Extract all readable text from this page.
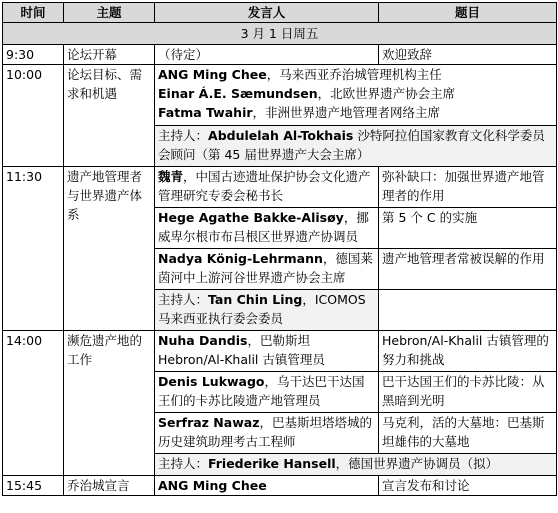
时间	主题	发言人	题目
3 月 1 日周五			
9:30	论坛开幕	（待定）	欢迎致辞
10:00	论坛目标、需求和机遇	ANG Ming Chee，马来西亚乔治城管理机构主任
Einar Á.E. Sæmundsen，北欧世界遗产协会主席
Fatma Twahir，非洲世界遗产地管理者网络主席	

		主持人：Abdulelah Al-Tokhais 沙特阿拉伯国家教育文化科学委员会顾问（第 45 届世界遗产大会主席）	
11:30	遗产地管理者与世界遗产体系	魏青，中国古迹遗址保护协会文化遗产管理研究专委会秘书长	弥补缺口：加强世界遗产地管理者的作用
		Hege Agathe Bakke-Alisøy，挪威卑尔根市布吕根区世界遗产协调员	第 5 个 C 的实施
		Nadya König-Lehrmann，德国莱茵河中上游河谷世界遗产协会主席	遗产地管理者常被误解的作用
		主持人：Tan Chin Ling，ICOMOS 马来西亚执行委会委员	
14:00	濒危遗产地的工作	Nuha Dandis，巴勒斯坦 Hebron/Al-Khalil 古镇管理员	Hebron/Al-Khalil 古镇管理的努力和挑战
		Denis Lukwago，乌干达巴干达国王们的卡苏比陵遗产地管理员	巴干达国王们的卡苏比陵：从黑暗到光明
		Serfraz Nawaz，巴基斯坦塔塔城的历史建筑助理考古工程师	马克利，活的大墓地：巴基斯坦雄伟的大墓地
		主持人：Friederike Hansell，德国世界遗产协调员（拟）	
15:45	乔治城宣言	ANG Ming Chee	宣言发布和讨论
